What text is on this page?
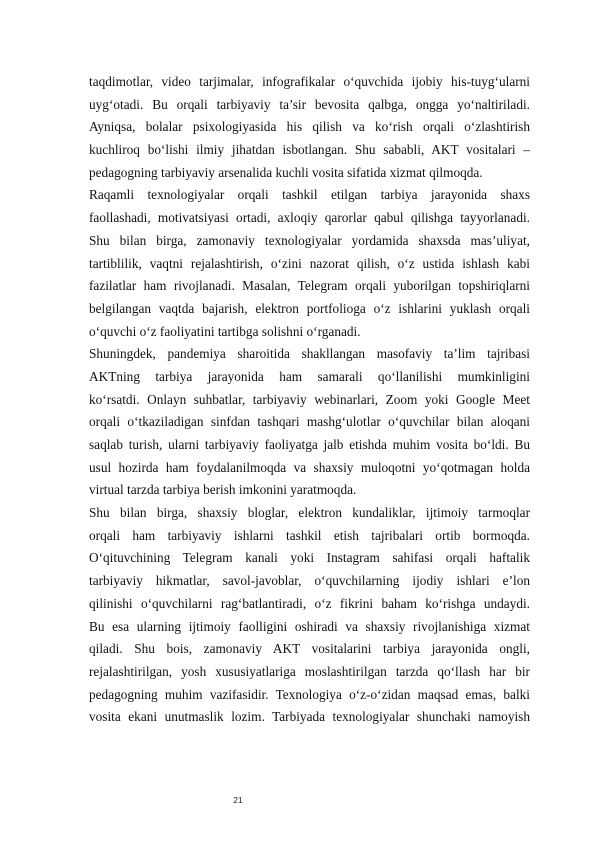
taqdimotlar, video tarjimalar, infografikalar o‘quvchida ijobiy his-tuyg‘ularni
uyg‘otadi. Bu orqali tarbiyaviy ta’sir bevosita qalbga, ongga yo‘naltiriladi.
Ayniqsa, bolalar psixologiyasida his qilish va ko‘rish orqali o‘zlashtirish
kuchliroq bo‘lishi ilmiy jihatdan isbotlangan. Shu sababli, AKT vositalari –
pedagogning tarbiyaviy arsenalida kuchli vosita sifatida xizmat qilmoqda.
Raqamli texnologiyalar orqali tashkil etilgan tarbiya jarayonida shaxs
faollashadi, motivatsiyasi ortadi, axloqiy qarorlar qabul qilishga tayyorlanadi.
Shu bilan birga, zamonaviy texnologiyalar yordamida shaxsda mas’uliyat,
tartiblilik, vaqtni rejalashtirish, o‘zini nazorat qilish, o‘z ustida ishlash kabi
fazilatlar ham rivojlanadi. Masalan, Telegram orqali yuborilgan topshiriqlarni
belgilangan vaqtda bajarish, elektron portfolioga o‘z ishlarini yuklash orqali
o‘quvchi o‘z faoliyatini tartibga solishni o‘rganadi.
Shuningdek, pandemiya sharoitida shakllangan masofaviy ta’lim tajribasi
AKTning tarbiya jarayonida ham samarali qo‘llanilishi mumkinligini
ko‘rsatdi. Onlayn suhbatlar, tarbiyaviy webinarlari, Zoom yoki Google Meet
orqali o‘tkaziladigan sinfdan tashqari mashg‘ulotlar o‘quvchilar bilan aloqani
saqlab turish, ularni tarbiyaviy faoliyatga jalb etishda muhim vosita bo‘ldi. Bu
usul hozirda ham foydalanilmoqda va shaxsiy muloqotni yo‘qotmagan holda
virtual tarzda tarbiya berish imkonini yaratmoqda.
Shu bilan birga, shaxsiy bloglar, elektron kundaliklar, ijtimoiy tarmoqlar
orqali ham tarbiyaviy ishlarni tashkil etish tajribalari ortib bormoqda.
O‘qituvchining Telegram kanali yoki Instagram sahifasi orqali haftalik
tarbiyaviy hikmatlar, savol-javoblar, o‘quvchilarning ijodiy ishlari e’lon
qilinishi o‘quvchilarni rag‘batlantiradi, o‘z fikrini baham ko‘rishga undaydi.
Bu esa ularning ijtimoiy faolligini oshiradi va shaxsiy rivojlanishiga xizmat
qiladi. Shu bois, zamonaviy AKT vositalarini tarbiya jarayonida ongli,
rejalashtirilgan, yosh xususiyatlariga moslashtirilgan tarzda qo‘llash har bir
pedagogning muhim vazifasidir. Texnologiya o‘z-o‘zidan maqsad emas, balki
vosita ekani unutmaslik lozim. Tarbiyada texnologiyalar shunchaki namoyish
21
